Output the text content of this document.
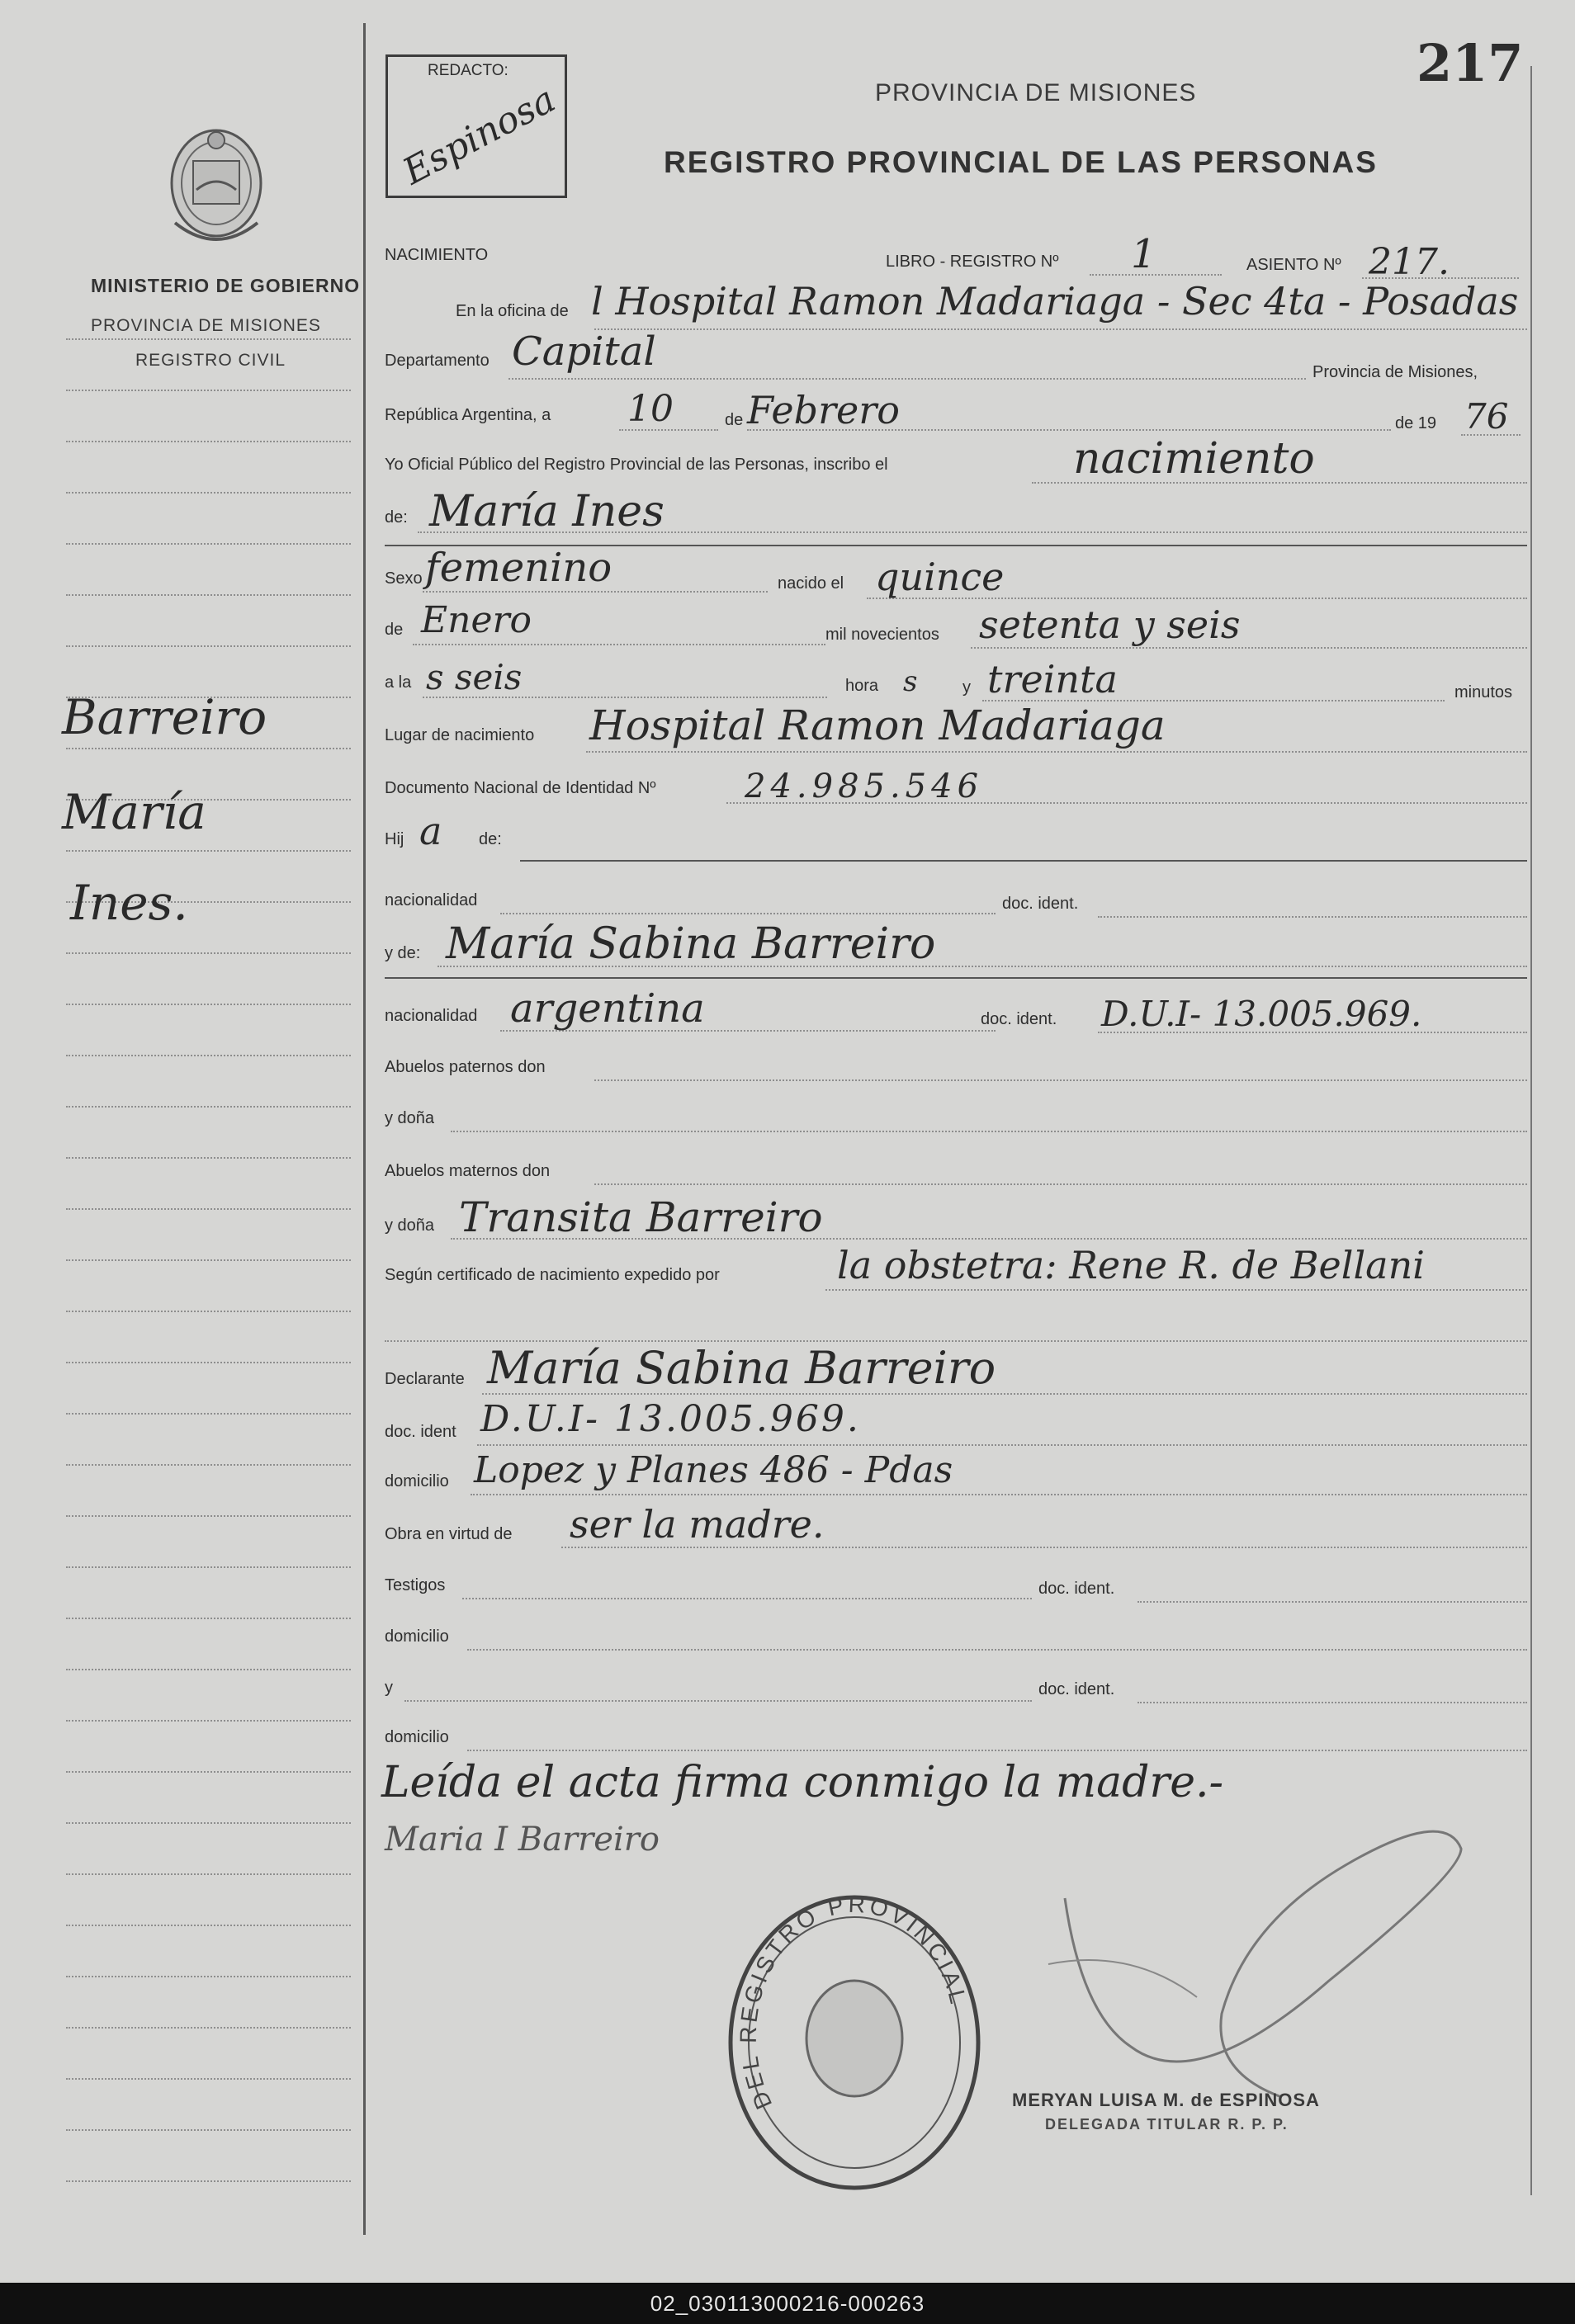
MINISTERIO DE GOBIERNO
PROVINCIA DE MISIONES
REGISTRO CIVIL
Barreiro
María
Ines.
REDACTO:
Espinosa	PROVINCIA DE MISIONES
REGISTRO PROVINCIAL DE LAS PERSONAS
217
NACIMIENTO	LIBRO - REGISTRO Nº 1	ASIENTO Nº 217.
En la oficina de l Hospital Ramon Madariaga - Sec 4ta - Posadas
Departamento Capital	Provincia de Misiones,
República Argentina, a 10	de Febrero	de 19 76
Yo Oficial Público del Registro Provincial de las Personas, inscribo el	nacimiento
de: María Ines
Sexo femenino	nacido el quince
de Enero	mil novecientos setenta y seis
a la s seis	hora s	y treinta	minutos
Lugar de nacimiento Hospital Ramon Madariaga
Documento Nacional de Identidad Nº	24.985.546
Hij a de:
nacionalidad	doc. ident.
y de: María Sabina Barreiro
nacionalidad argentina	doc. ident. D.U.I- 13.005.969.
Abuelos paternos don
y doña
Abuelos maternos don
y doña Transita Barreiro
Según certificado de nacimiento expedido por	la obstetra: Rene R. de Bellani
Declarante María Sabina Barreiro
doc. ident D.U.I- 13.005.969.
domicilio Lopez y Planes 486 - Pdas
Obra en virtud de ser la madre.
Testigos	doc. ident.
domicilio
y	doc. ident.
domicilio
Leída el acta firma conmigo la madre.-
Maria I Barreiro
DEL REGISTRO PROVINCIAL
MERYAN LUISA M. de ESPINOSA
DELEGADA TITULAR R. P. P.
02_030113000216-000263
